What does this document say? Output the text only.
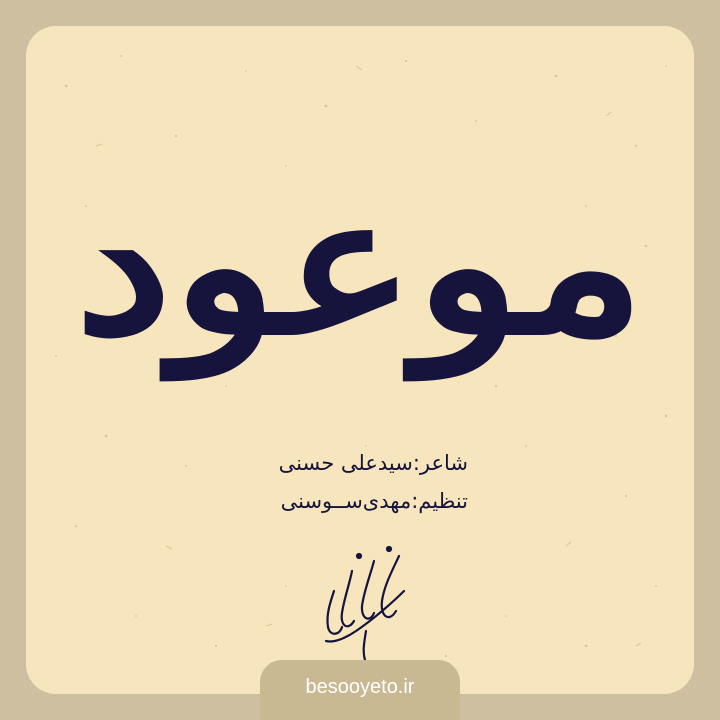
موعود
شاعر:سیدعلی حسنی
تنظیم:مهدی‌ســوسنی
besooyeto.ir
